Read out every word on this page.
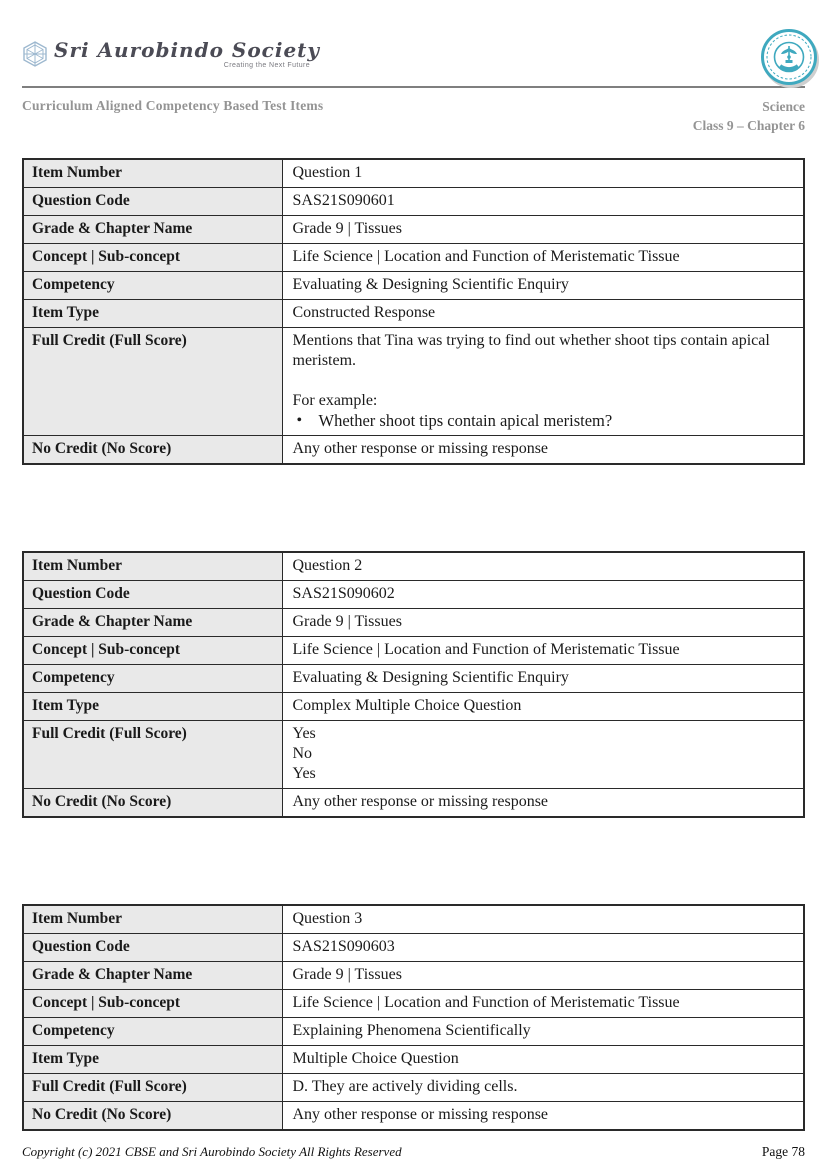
Sri Aurobindo Society
Creating the Next Future
Curriculum Aligned Competency Based Test Items	Science
Class 9 – Chapter 6
Item Number	Question 1
Question Code	SAS21S090601
Grade & Chapter Name	Grade 9 | Tissues
Concept | Sub-concept	Life Science | Location and Function of Meristematic Tissue
Competency	Evaluating & Designing Scientific Enquiry
Item Type	Constructed Response
Full Credit (Full Score)	Mentions that Tina was trying to find out whether shoot tips contain apical meristem.
For example:
• Whether shoot tips contain apical meristem?

No Credit (No Score)	Any other response or missing response
Item Number	Question 2
Question Code	SAS21S090602
Grade & Chapter Name	Grade 9 | Tissues
Concept | Sub-concept	Life Science | Location and Function of Meristematic Tissue
Competency	Evaluating & Designing Scientific Enquiry
Item Type	Complex Multiple Choice Question
Full Credit (Full Score)	Yes
No
Yes

No Credit (No Score)	Any other response or missing response
Item Number	Question 3
Question Code	SAS21S090603
Grade & Chapter Name	Grade 9 | Tissues
Concept | Sub-concept	Life Science | Location and Function of Meristematic Tissue
Competency	Explaining Phenomena Scientifically
Item Type	Multiple Choice Question
Full Credit (Full Score)	D. They are actively dividing cells.
No Credit (No Score)	Any other response or missing response
Copyright (c) 2021 CBSE and Sri Aurobindo Society All Rights Reserved	Page 78
